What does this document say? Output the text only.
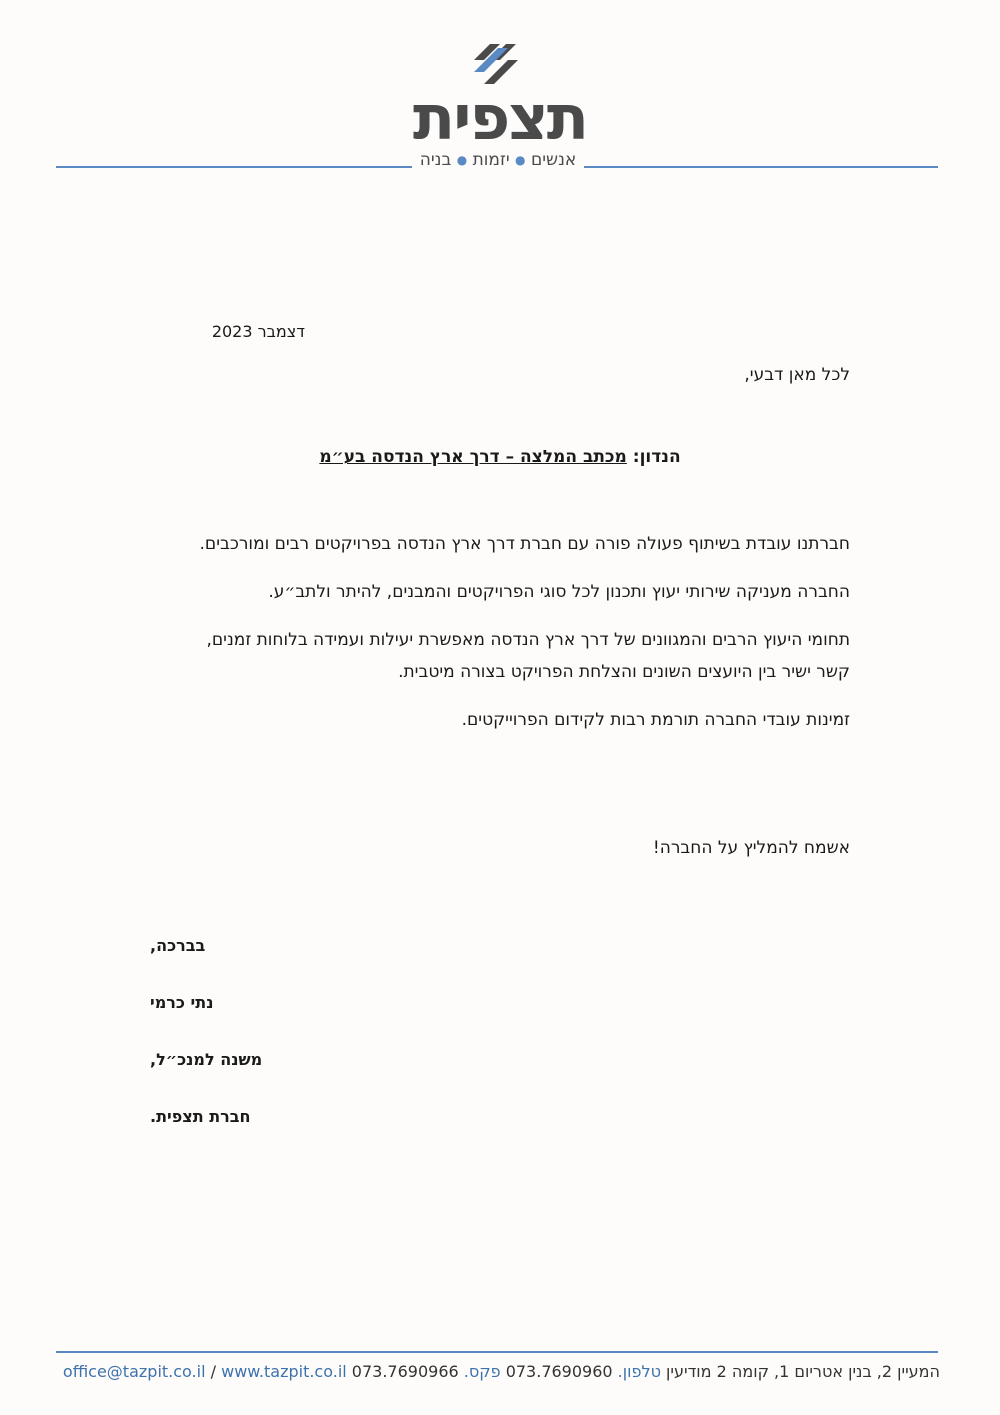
תצפית
אנשים ● יזמות ● בניה
דצמבר 2023
לכל מאן דבעי,
הנדון: מכתב המלצה – דרך ארץ הנדסה בע״מ

חברתנו עובדת בשיתוף פעולה פורה עם חברת דרך ארץ הנדסה בפרויקטים רבים ומורכבים.

החברה מעניקה שירותי יעוץ ותכנון לכל סוגי הפרויקטים והמבנים, להיתר ולתב״ע.

תחומי היעוץ הרבים והמגוונים של דרך ארץ הנדסה מאפשרת יעילות ועמידה בלוחות זמנים, קשר ישיר בין היועצים השונים והצלחת הפרויקט בצורה מיטבית.

זמינות עובדי החברה תורמת רבות לקידום הפרוייקטים.

אשמח להמליץ על החברה!
בברכה,
נתי כרמי
משנה למנכ״ל,
חברת תצפית.
המעיין 2, בנין אטריום 1, קומה 2 מודיעין טלפון. 073.7690960 פקס. 073.7690966 www.tazpit.co.il / office@tazpit.co.il
